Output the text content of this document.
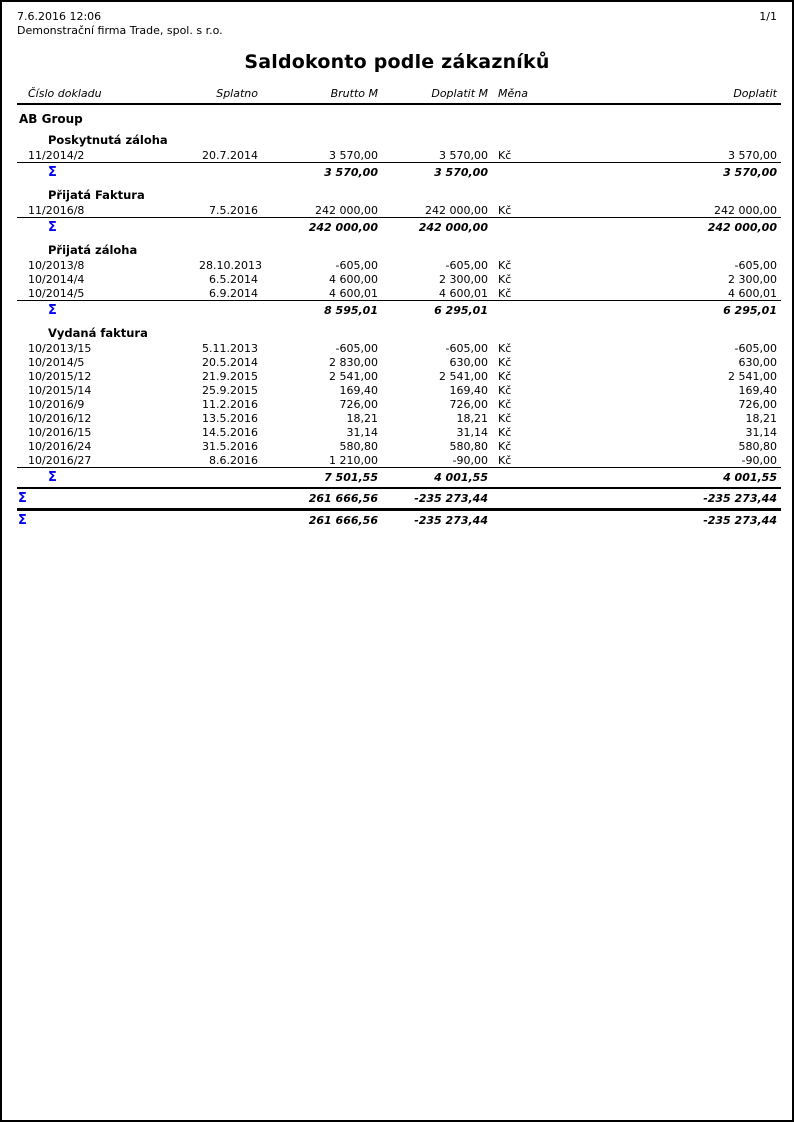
7.6.2016 12:06	1/1
Demonstrační firma Trade, spol. s r.o.
Saldokonto podle zákazníků
Číslo dokladu	Splatno	Brutto M	Doplatit M	Měna	Doplatit
AB Group					
Poskytnutá záloha					
11/2014/2	20.7.2014	3 570,00	3 570,00	Kč	3 570,00
Σ		3 570,00	3 570,00		3 570,00
Přijatá Faktura					
11/2016/8	7.5.2016	242 000,00	242 000,00	Kč	242 000,00
Σ		242 000,00	242 000,00		242 000,00
Přijatá záloha					
10/2013/8	28.10.2013	-605,00	-605,00	Kč	-605,00
10/2014/4	6.5.2014	4 600,00	2 300,00	Kč	2 300,00
10/2014/5	6.9.2014	4 600,01	4 600,01	Kč	4 600,01
Σ		8 595,01	6 295,01		6 295,01
Vydaná faktura					
10/2013/15	5.11.2013	-605,00	-605,00	Kč	-605,00
10/2014/5	20.5.2014	2 830,00	630,00	Kč	630,00
10/2015/12	21.9.2015	2 541,00	2 541,00	Kč	2 541,00
10/2015/14	25.9.2015	169,40	169,40	Kč	169,40
10/2016/9	11.2.2016	726,00	726,00	Kč	726,00
10/2016/12	13.5.2016	18,21	18,21	Kč	18,21
10/2016/15	14.5.2016	31,14	31,14	Kč	31,14
10/2016/24	31.5.2016	580,80	580,80	Kč	580,80
10/2016/27	8.6.2016	1 210,00	-90,00	Kč	-90,00
Σ		7 501,55	4 001,55		4 001,55
Σ		261 666,56	-235 273,44		-235 273,44
Σ		261 666,56	-235 273,44		-235 273,44
